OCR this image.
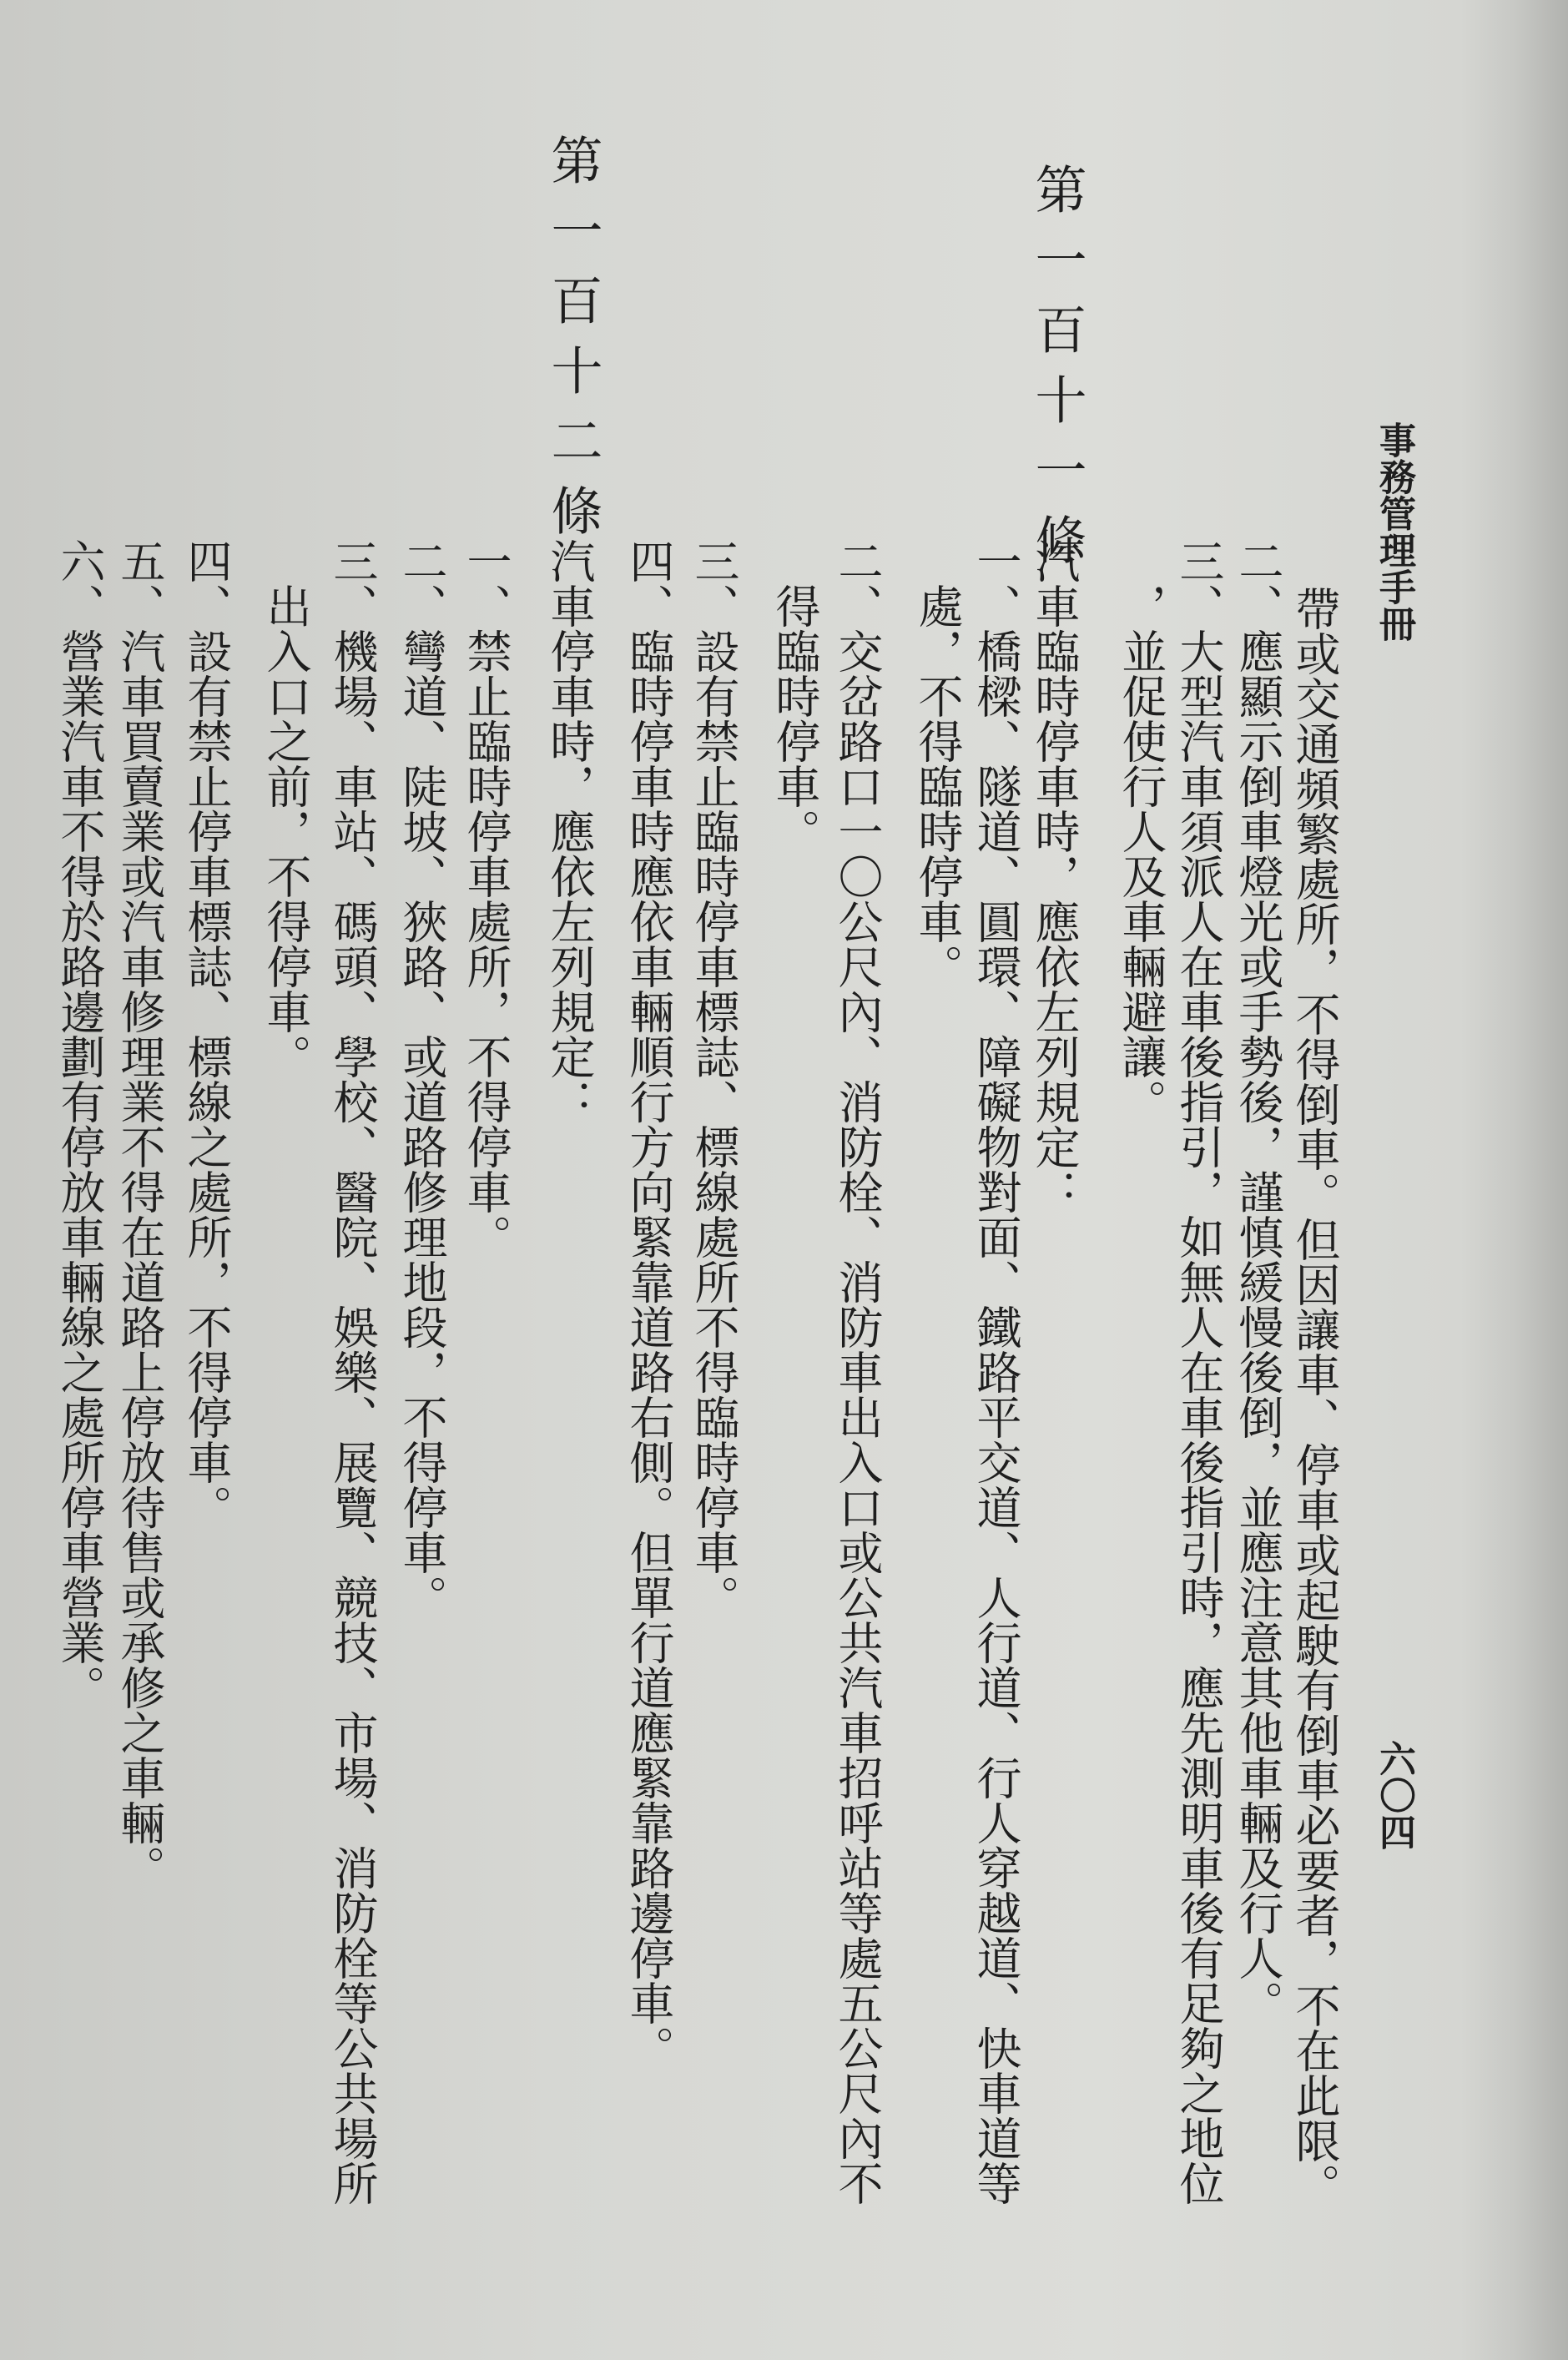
事務管理手冊
六〇四
帶或交通頻繁處所，不得倒車。但因讓車、停車或起駛有倒車必要者，不在此限。
二、應顯示倒車燈光或手勢後，謹慎緩慢後倒，並應注意其他車輛及行人。
三、大型汽車須派人在車後指引，如無人在車後指引時，應先測明車後有足夠之地位
　，並促使行人及車輛避讓。
第一百十一條
汽車臨時停車時，應依左列規定：
一、橋樑、隧道、圓環、障礙物對面、鐵路平交道、人行道、行人穿越道、快車道等
　處，不得臨時停車。
二、交岔路口一〇公尺內、消防栓、消防車出入口或公共汽車招呼站等處五公尺內不
　得臨時停車。
三、設有禁止臨時停車標誌、標線處所不得臨時停車。
四、臨時停車時應依車輛順行方向緊靠道路右側。但單行道應緊靠路邊停車。
第一百十二條
汽車停車時，應依左列規定：
一、禁止臨時停車處所，不得停車。
二、彎道、陡坡、狹路、或道路修理地段，不得停車。
三、機場、車站、碼頭、學校、醫院、娛樂、展覽、競技、市場、消防栓等公共場所
　出入口之前，不得停車。
四、設有禁止停車標誌、標線之處所，不得停車。
五、汽車買賣業或汽車修理業不得在道路上停放待售或承修之車輛。
六、營業汽車不得於路邊劃有停放車輛線之處所停車營業。
